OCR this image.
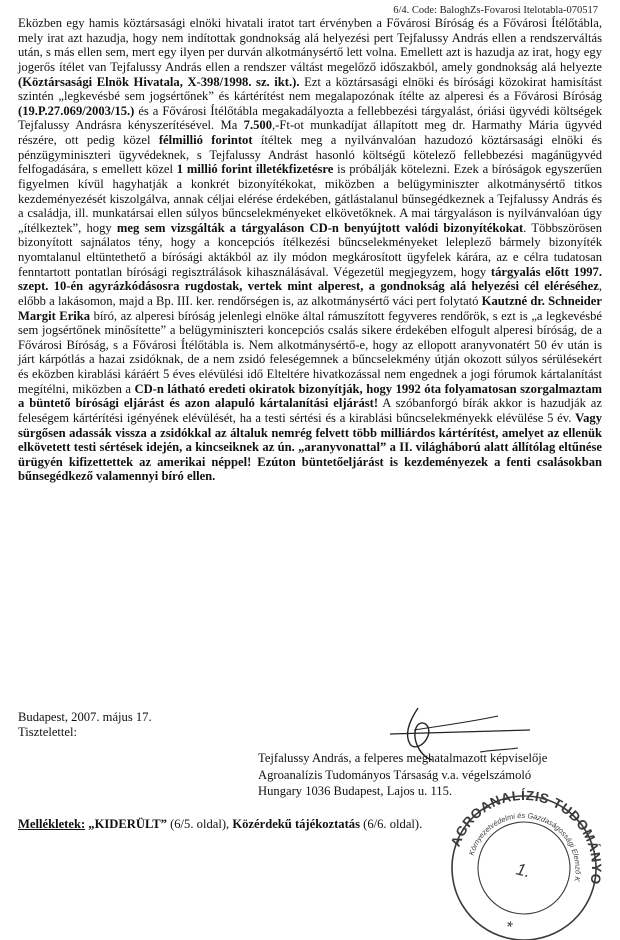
6/4. Code: BaloghZs-Fovarosi Itelotabla-070517

Eközben egy hamis köztársasági elnöki hivatali iratot tart érvényben a Fővárosi Bíróság és a Fővárosi Ítélőtábla, mely irat azt hazudja, hogy nem indítottak gondnokság alá helyezési pert Tejfalussy András ellen a rendszerváltás után, s más ellen sem, mert egy ilyen per durván alkotmánysértő lett volna. Emellett azt is hazudja az irat, hogy egy jogerős ítélet van Tejfalussy András ellen a rendszer váltást megelőző időszakból, amely gondnokság alá helyezte (Köztársasági Elnök Hivatala, X-398/1998. sz. ikt.). Ezt a köztársasági elnöki és bírósági közokirat hamisítást szintén „legkevésbé sem jogsértőnek” és kártérítést nem megalapozónak ítélte az alperesi és a Fővárosi Bíróság (19.P.27.069/2003/15.) és a Fővárosi Ítélőtábla megakadályozta a fellebbezési tárgyalást, óriási ügyvédi költségek Tejfalussy Andrásra kényszerítésével. Ma 7.500,-Ft-ot munkadíjat állapított meg dr. Harmathy Mária ügyvéd részére, ott pedig közel félmillió forintot ítéltek meg a nyilvánvalóan hazudozó köztársasági elnöki és pénzügyminiszteri ügyvédeknek, s Tejfalussy Andrást hasonló költségű kötelező fellebbezési magánügyvéd felfogadására, s emellett közel 1 millió forint illetékfizetésre is próbálják kötelezni. Ezek a bíróságok egyszerűen figyelmen kívül hagyhatják a konkrét bizonyítékokat, miközben a belügyminiszter alkotmánysértő titkos kezdeményezését kiszolgálva, annak céljai elérése érdekében, gátlástalanul bűnsegédkeznek a Tejfalussy András és a családja, ill. munkatársai ellen súlyos bűncselekményeket elkövetőknek. A mai tárgyaláson is nyilvánvalóan úgy „ítélkeztek”, hogy meg sem vizsgálták a tárgyaláson CD-n benyújtott valódi bizonyítékokat. Többszörösen bizonyított sajnálatos tény, hogy a koncepciós ítélkezési bűncselekményeket leleplező bármely bizonyíték nyomtalanul eltüntethető a bírósági aktákból az ily módon megkárosított ügyfelek kárára, az e célra tudatosan fenntartott pontatlan bírósági regisztrálások kihasználásával. Végezetül megjegyzem, hogy tárgyalás előtt 1997. szept. 10-én agyrázkódásosra rugdostak, vertek mint alperest, a gondnokság alá helyezési cél eléréséhez, előbb a lakásomon, majd a Bp. III. ker. rendőrségen is, az alkotmánysértő váci pert folytató Kautzné dr. Schneider Margit Erika bíró, az alperesi bíróság jelenlegi elnöke által rámuszított fegyveres rendőrök, s ezt is „a legkevésbé sem jogsértőnek minősítette” a belügyminiszteri koncepciós csalás sikere érdekében elfogult alperesi bíróság, de a Fővárosi Bíróság, s a Fővárosi Ítélőtábla is. Nem alkotmánysértő-e, hogy az ellopott aranyvonatért 50 év után is járt kárpótlás a hazai zsidóknak, de a nem zsidó feleségemnek a bűncselekmény útján okozott súlyos sérülésekért és eközben kirablási káráért 5 éves elévülési idő Elteltére hivatkozással nem engednek a jogi fórumok kártalanítást megítélni, miközben a CD-n látható eredeti okiratok bizonyítják, hogy 1992 óta folyamatosan szorgalmaztam a büntető bírósági eljárást és azon alapuló kártalanítási eljárást! A szóbanforgó bírák akkor is hazudják az feleségem kártérítési igényének elévülését, ha a testi sértési és a kirablási bűncselekményekk elévülése 5 év. Vagy sürgősen adassák vissza a zsidókkal az általuk nemrég felvett több milliárdos kártérítést, amelyet az ellenük elkövetett testi sértések idején, a kincseiknek az ún. „aranyvonattal” a II. világháború alatt állítólag eltűnése ürügyén kifizettettek az amerikai néppel! Ezúton büntetőeljárást is kezdeményezek a fenti csalásokban bűnsegédkező valamennyi bíró ellen.

Budapest, 2007. május 17.

Tisztelettel:

Tejfalussy András, a felperes meghatalmazott képviselője
Agroanalízis Tudományos Társaság v.a. végelszámoló
Hungary 1036 Budapest, Lajos u. 115.
Mellékletek: „KIDERÜLT” (6/5. oldal), Közérdekű tájékoztatás (6/6. oldal).
AGROANALÍZIS TUDOMÁNYOS
Környezetvédelmi és Gazdaságossági Elemző Központja
1.
*
